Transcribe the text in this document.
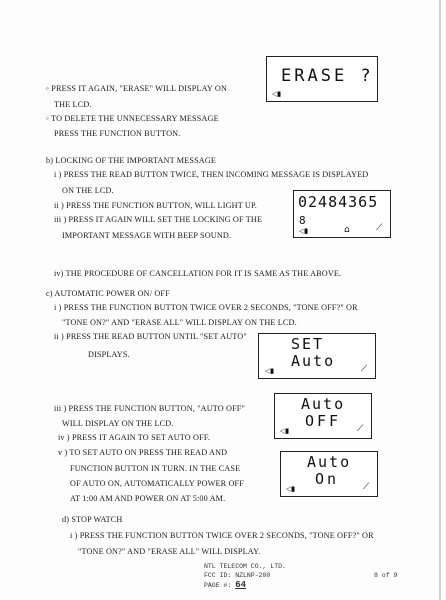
◦ PRESS IT AGAIN, "ERASE" WILL DISPLAY ON
THE LCD.
◦ TO DELETE THE UNNECESSARY MESSAGE
PRESS THE FUNCTION BUTTON.
ERASE ?
◁▮
b) LOCKING OF THE IMPORTANT MESSAGE
i ) PRESS THE READ BUTTON TWICE, THEN INCOMING MESSAGE IS DISPLAYED
ON THE LCD.
ii ) PRESS THE FUNCTION BUTTON, WILL LIGHT UP.
iii ) PRESS IT AGAIN WILL SET THE LOCKING OF THE
IMPORTANT MESSAGE WITH BEEP SOUND.
02484365
8
◁▮	⌂	⟋
iv) THE PROCEDURE OF CANCELLATION FOR IT IS SAME AS THE ABOVE.
c) AUTOMATIC POWER ON/ OFF
i ) PRESS THE FUNCTION BUTTON TWICE OVER 2 SECONDS, "TONE OFF?" OR
"TONE ON?" AND "ERASE ALL" WILL DISPLAY ON THE LCD.
ii ) PRESS THE READ BUTTON UNTIL "SET AUTO"
DISPLAYS.
SET
Auto
◁▮	⟋
iii ) PRESS THE FUNCTION BUTTON, "AUTO OFF"
WILL DISPLAY ON THE LCD.
iv ) PRESS IT AGAIN TO SET AUTO OFF.
v ) TO SET AUTO ON PRESS THE READ AND
FUNCTION BUTTON IN TURN. IN THE CASE
OF AUTO ON, AUTOMATICALLY POWER OFF
AT 1:00 AM AND POWER ON AT 5:00 AM.
Auto
OFF
◁▮	⟋
Auto
On
◁▮	⟋
d) STOP WATCH
i ) PRESS THE FUNCTION BUTTON TWICE OVER 2 SECONDS, "TONE OFF?" OR
"TONE ON?" AND "ERASE ALL" WILL DISPLAY.
NTL TELECOM CO., LTD.
FCC ID: NZLNP-200
PAGE #: 64
8 of 9
